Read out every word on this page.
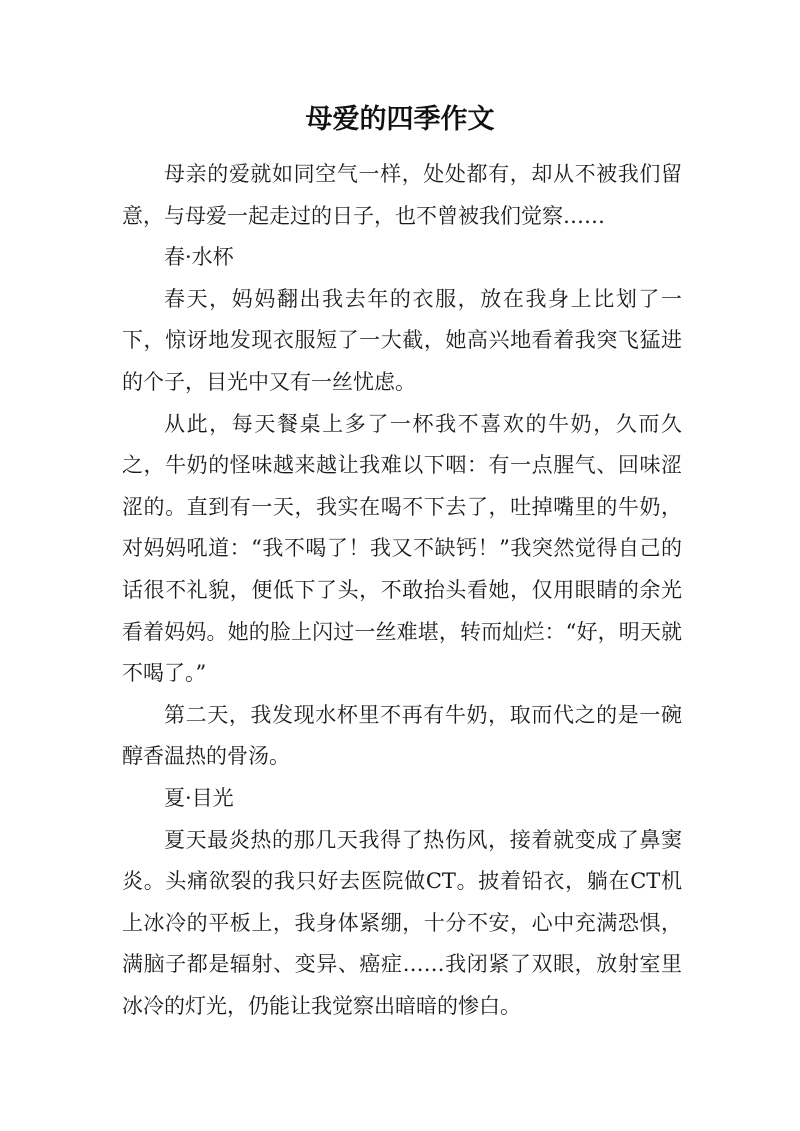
母爱的四季作文

母亲的爱就如同空气一样，处处都有，却从不被我们留意，与母爱一起走过的日子，也不曾被我们觉察……

春·水杯

春天，妈妈翻出我去年的衣服，放在我身上比划了一下，惊讶地发现衣服短了一大截，她高兴地看着我突飞猛进的个子，目光中又有一丝忧虑。

从此，每天餐桌上多了一杯我不喜欢的牛奶，久而久之，牛奶的怪味越来越让我难以下咽：有一点腥气、回味涩涩的。直到有一天，我实在喝不下去了，吐掉嘴里的牛奶，对妈妈吼道：“我不喝了！我又不缺钙！”我突然觉得自己的话很不礼貌，便低下了头，不敢抬头看她，仅用眼睛的余光看着妈妈。她的脸上闪过一丝难堪，转而灿烂：“好，明天就不喝了。”

第二天，我发现水杯里不再有牛奶，取而代之的是一碗醇香温热的骨汤。

夏·目光

夏天最炎热的那几天我得了热伤风，接着就变成了鼻窦炎。头痛欲裂的我只好去医院做CT。披着铅衣，躺在CT机上冰冷的平板上，我身体紧绷，十分不安，心中充满恐惧，满脑子都是辐射、变异、癌症……我闭紧了双眼，放射室里冰冷的灯光，仍能让我觉察出暗暗的惨白。
